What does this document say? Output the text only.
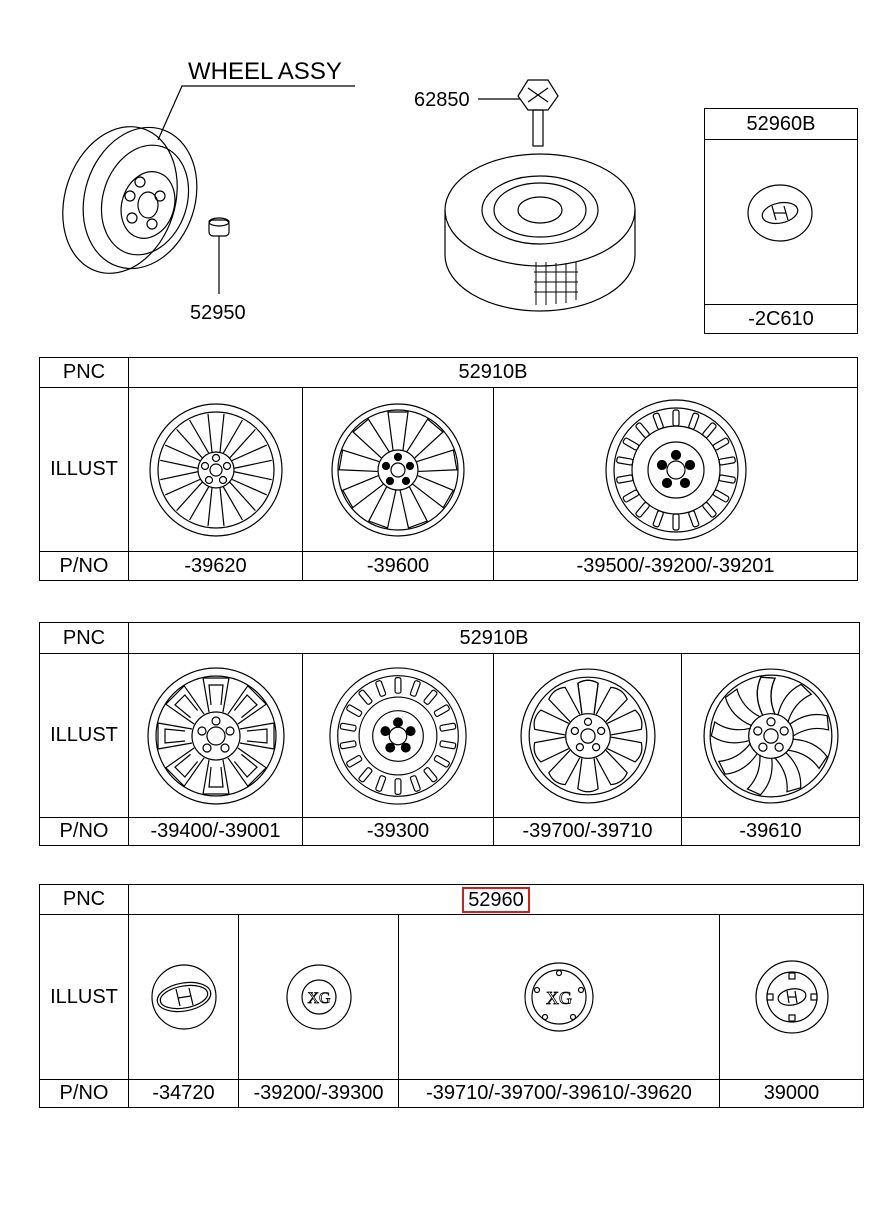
WHEEL ASSY
52950
62850
52960B
-2C610
PNC	52910B		
ILLUST	

P/NO	-39620	-39600	-39500/-39200/-39201
PNC	52910B			
ILLUST	

P/NO	-39400/-39001	-39300	-39700/-39710	-39610
PNC	52960			
ILLUST		XG	XG

P/NO	-34720	-39200/-39300	-39710/-39700/-39610/-39620	39000
